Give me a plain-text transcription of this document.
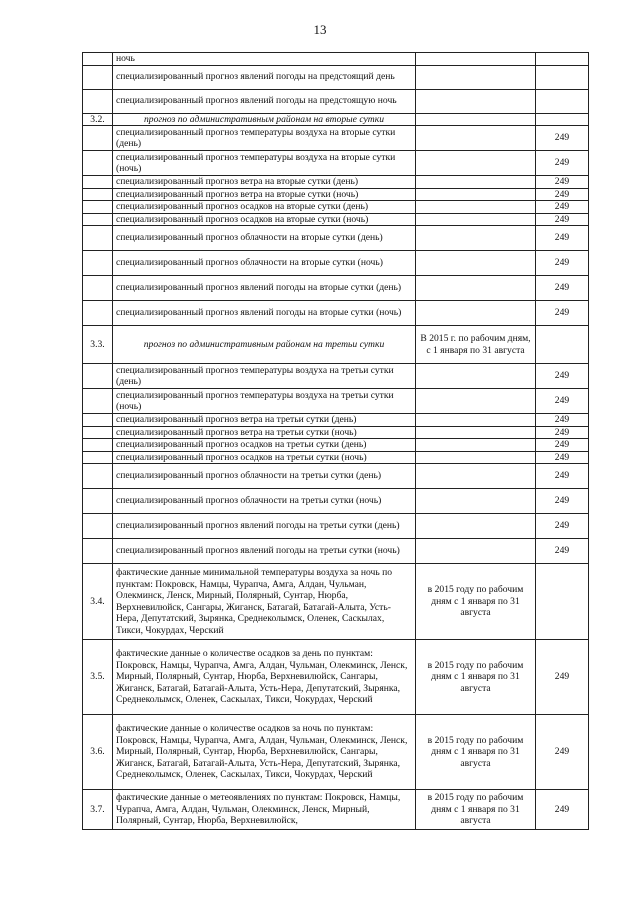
13
	ночь		
	специализированный прогноз явлений погоды на предстоящий день		
	специализированный прогноз явлений погоды на предстоящую ночь		
3.2.	прогноз по административным районам на вторые сутки		
	специализированный прогноз температуры воздуха на вторые сутки (день)		249
	специализированный прогноз температуры воздуха на вторые сутки (ночь)		249
	специализированный прогноз ветра на вторые сутки (день)		249
	специализированный прогноз ветра на вторые сутки (ночь)		249
	специализированный прогноз осадков на вторые сутки (день)		249
	специализированный прогноз осадков на вторые сутки (ночь)		249
	специализированный прогноз облачности на вторые сутки (день)		249
	специализированный прогноз облачности на вторые сутки (ночь)		249
	специализированный прогноз явлений погоды на вторые сутки (день)		249
	специализированный прогноз явлений погоды на вторые сутки (ночь)		249
3.3.	прогноз по административным районам на третьи сутки	В 2015 г. по рабочим дням, с 1 января по 31 августа	
	специализированный прогноз температуры воздуха на третьи сутки (день)		249
	специализированный прогноз температуры воздуха на третьи сутки (ночь)		249
	специализированный прогноз ветра на третьи сутки (день)		249
	специализированный прогноз ветра на третьи сутки (ночь)		249
	специализированный прогноз осадков на третьи сутки (день)		249
	специализированный прогноз осадков на третьи сутки (ночь)		249
	специализированный прогноз облачности на третьи сутки (день)		249
	специализированный прогноз облачности на третьи сутки (ночь)		249
	специализированный прогноз явлений погоды на третьи сутки (день)		249
	специализированный прогноз явлений погоды на третьи сутки (ночь)		249
3.4.	фактические данные минимальной температуры воздуха за ночь по пунктам: Покровск, Намцы, Чурапча, Амга, Алдан, Чульман, Олекминск, Ленск, Мирный, Полярный, Сунтар, Нюрба, Верхневилюйск, Сангары, Жиганск, Батагай, Батагай-Алыта, Усть-Нера, Депутатский, Зырянка, Среднеколымск, Оленек, Саскылах, Тикси, Чокурдах, Черский	в 2015 году по рабочим дням с 1 января по 31 августа	
3.5.	фактические данные о количестве осадков за день по пунктам: Покровск, Намцы, Чурапча, Амга, Алдан, Чульман, Олекминск, Ленск, Мирный, Полярный, Сунтар, Нюрба, Верхневилюйск, Сангары, Жиганск, Батагай, Батагай-Алыта, Усть-Нера, Депутатский, Зырянка, Среднеколымск, Оленек, Саскылах, Тикси, Чокурдах, Черский	в 2015 году по рабочим дням с 1 января по 31 августа	249
3.6.	фактические данные о количестве осадков за ночь по пунктам: Покровск, Намцы, Чурапча, Амга, Алдан, Чульман, Олекминск, Ленск, Мирный, Полярный, Сунтар, Нюрба, Верхневилюйск, Сангары, Жиганск, Батагай, Батагай-Алыта, Усть-Нера, Депутатский, Зырянка, Среднеколымск, Оленек, Саскылах, Тикси, Чокурдах, Черский	в 2015 году по рабочим дням с 1 января по 31 августа	249
3.7.	фактические данные о метеоявлениях по пунктам: Покровск, Намцы, Чурапча, Амга, Алдан, Чульман, Олекминск, Ленск, Мирный, Полярный, Сунтар, Нюрба, Верхневилюйск,	в 2015 году по рабочим дням с 1 января по 31 августа	249
